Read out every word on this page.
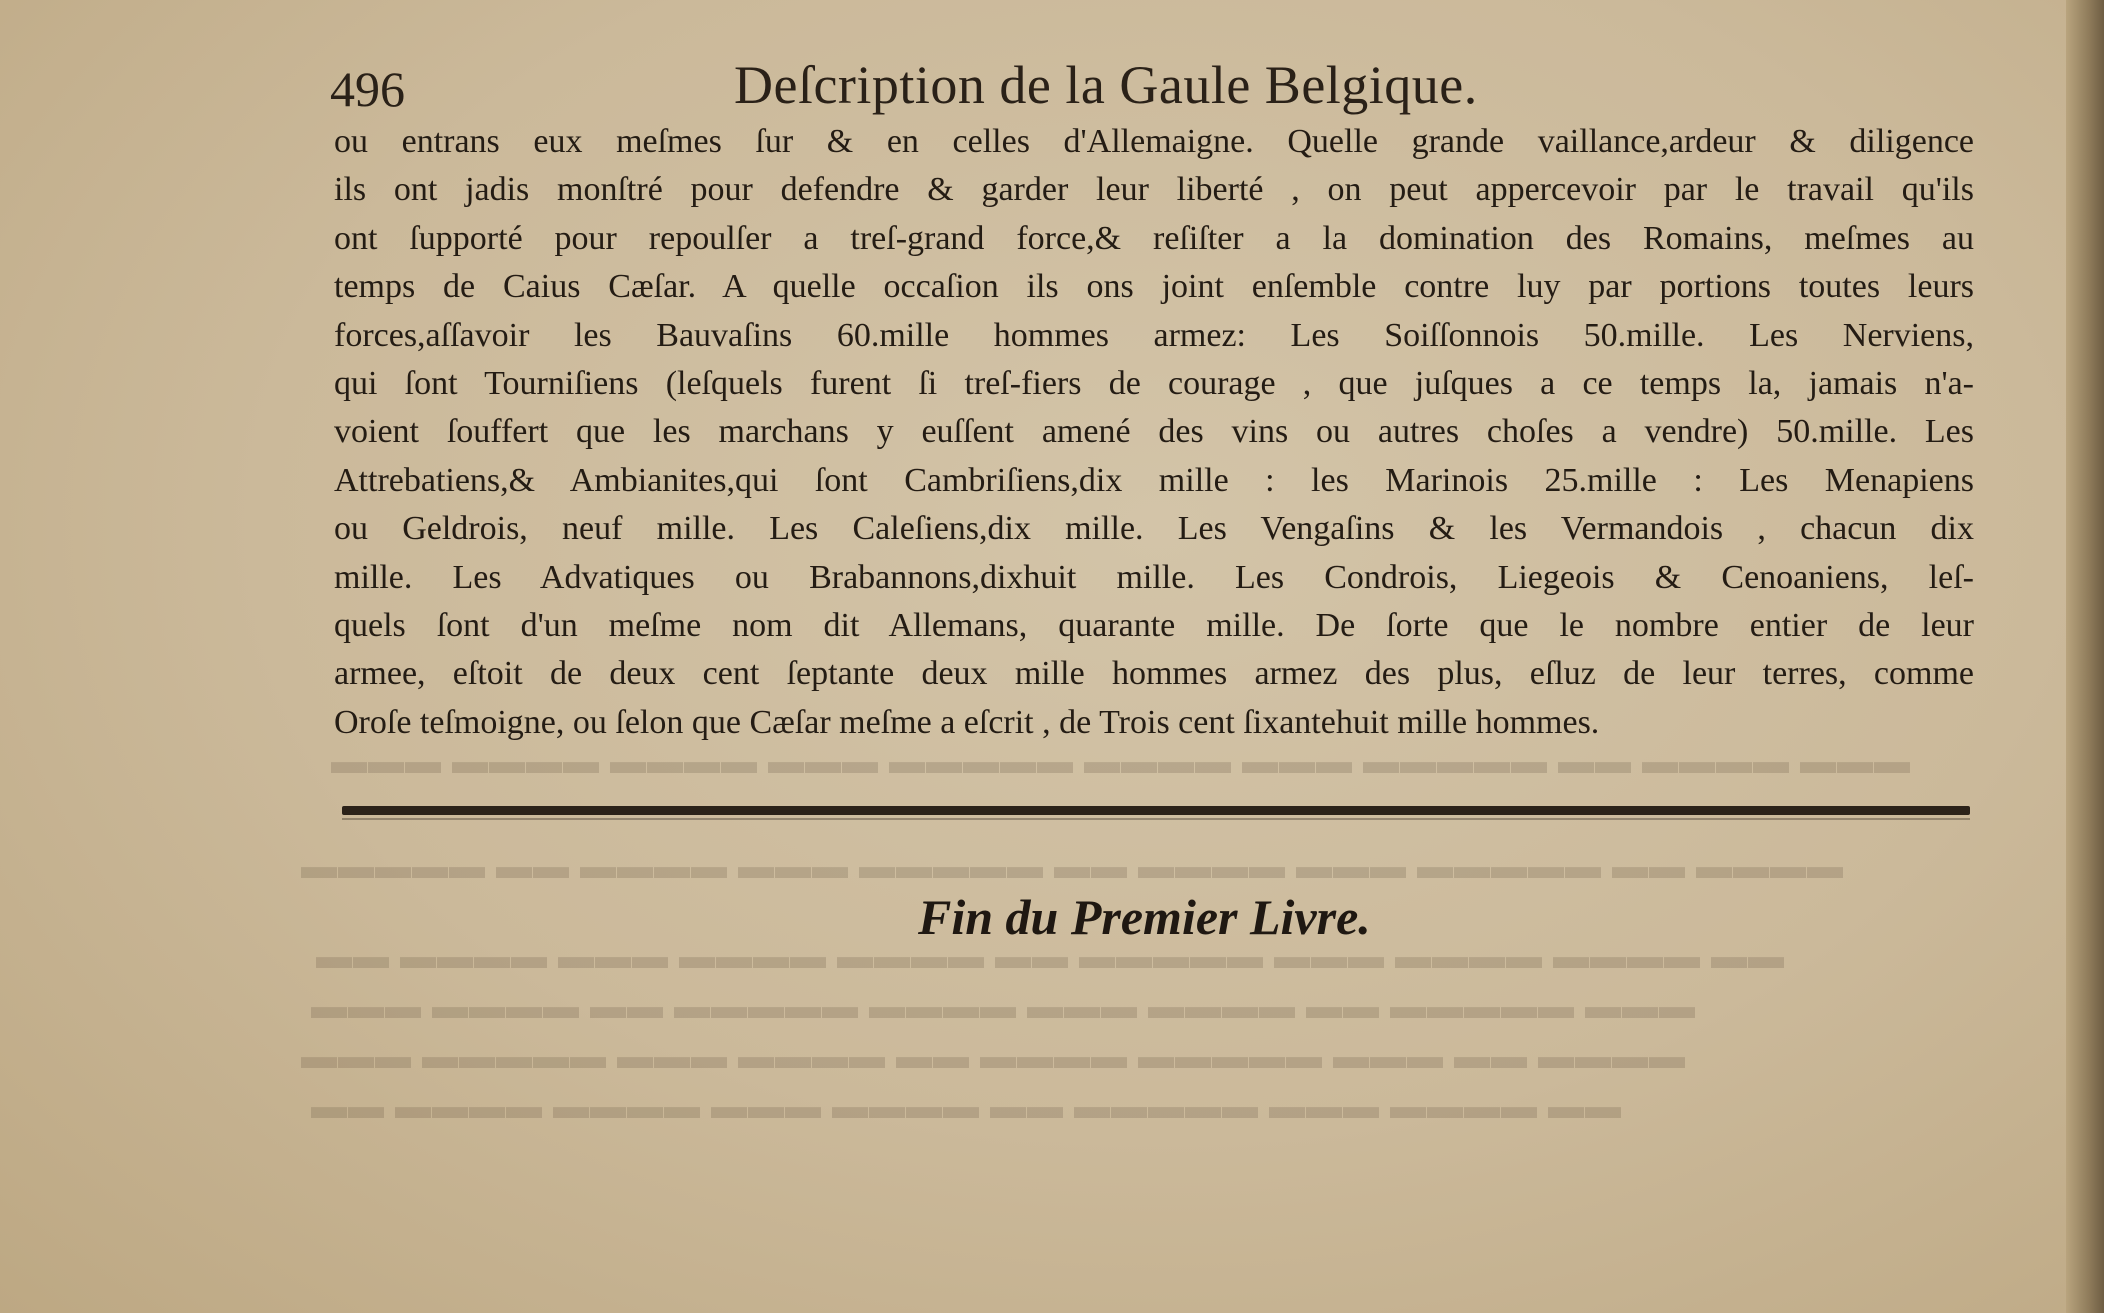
▬▬▬ ▬▬▬▬ ▬▬ ▬▬▬▬▬ ▬▬▬ ▬▬▬▬ ▬▬▬▬▬ ▬▬▬ ▬▬▬▬ ▬▬▬▬ ▬▬▬
▬▬▬▬ ▬▬ ▬▬▬▬▬ ▬▬▬ ▬▬▬▬ ▬▬ ▬▬▬▬▬ ▬▬▬ ▬▬▬▬ ▬▬ ▬▬▬▬▬
▬▬ ▬▬▬▬ ▬▬▬▬ ▬▬▬ ▬▬▬▬▬ ▬▬ ▬▬▬▬ ▬▬▬▬ ▬▬▬ ▬▬▬▬ ▬▬
▬▬▬ ▬▬▬▬▬ ▬▬ ▬▬▬▬ ▬▬▬ ▬▬▬▬ ▬▬▬▬▬ ▬▬ ▬▬▬▬ ▬▬▬
▬▬▬▬ ▬▬ ▬▬▬ ▬▬▬▬▬ ▬▬▬▬ ▬▬ ▬▬▬▬ ▬▬▬ ▬▬▬▬▬ ▬▬▬
▬▬ ▬▬▬▬ ▬▬▬ ▬▬▬▬▬ ▬▬ ▬▬▬▬ ▬▬▬ ▬▬▬▬ ▬▬▬▬ ▬▬
496	Deſcription de la Gaule Belgique.
ou entrans eux meſmes ſur & en celles d'Allemaigne. Quelle grande vaillance,ardeur & diligence
ils ont jadis monſtré pour defendre & garder leur liberté , on peut appercevoir par le travail qu'ils
ont ſupporté pour repoulſer a treſ-grand force,& reſiſter a la domination des Romains, meſmes au
temps de Caius Cæſar. A quelle occaſion ils ons joint enſemble contre luy par portions toutes leurs
forces,aſſavoir les Bauvaſins 60.mille hommes armez: Les Soiſſonnois 50.mille. Les Nerviens,
qui ſont Tourniſiens (leſquels furent ſi treſ-fiers de courage , que juſques a ce temps la, jamais n'a-
voient ſouffert que les marchans y euſſent amené des vins ou autres choſes a vendre) 50.mille. Les
Attrebatiens,& Ambianites,qui ſont Cambriſiens,dix mille : les Marinois 25.mille : Les Menapiens
ou Geldrois, neuf mille. Les Caleſiens,dix mille. Les Vengaſins & les Vermandois , chacun dix
mille. Les Advatiques ou Brabannons,dixhuit mille. Les Condrois, Liegeois & Cenoaniens, leſ-
quels ſont d'un meſme nom dit Allemans, quarante mille. De ſorte que le nombre entier de leur
armee, eſtoit de deux cent ſeptante deux mille hommes armez des plus, eſluz de leur terres, comme
Oroſe teſmoigne, ou ſelon que Cæſar meſme a eſcrit , de Trois cent ſixantehuit mille hommes.
Fin du Premier Livre.
